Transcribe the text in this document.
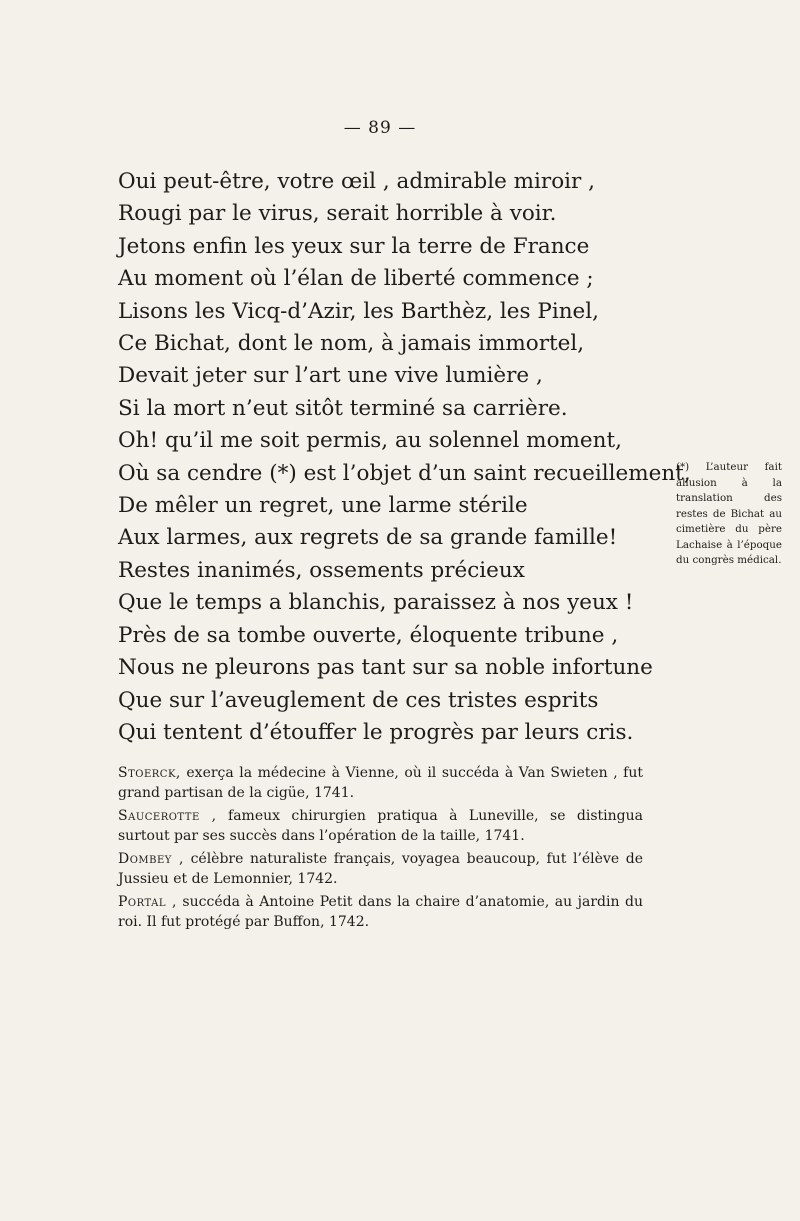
— 89 —
Oui peut-être, votre œil , admirable miroir ,
Rougi par le virus, serait horrible à voir.
Jetons enfin les yeux sur la terre de France
Au moment où l’élan de liberté commence ;
Lisons les Vicq-d’Azir, les Barthèz, les Pinel,
Ce Bichat, dont le nom, à jamais immortel,
Devait jeter sur l’art une vive lumière ,
Si la mort n’eut sitôt terminé sa carrière.
Oh! qu’il me soit permis, au solennel moment,
Où sa cendre (*) est l’objet d’un saint recueillement,
De mêler un regret, une larme stérile
Aux larmes, aux regrets de sa grande famille!
Restes inanimés, ossements précieux
Que le temps a blanchis, paraissez à nos yeux !
Près de sa tombe ouverte, éloquente tribune ,
Nous ne pleurons pas tant sur sa noble infortune
Que sur l’aveuglement de ces tristes esprits
Qui tentent d’étouffer le progrès par leurs cris.
(*) L’auteur fait allusion à la translation des restes de Bichat au cimetière du père Lachaise à l’époque du congrès médical.
Stoerck, exerça la médecine à Vienne, où il succéda à Van Swieten , fut grand partisan de la cigüe, 1741.
Saucerotte , fameux chirurgien pratiqua à Luneville, se distingua surtout par ses succès dans l’opération de la taille, 1741.
Dombey , célèbre naturaliste français, voyagea beaucoup, fut l’élève de Jussieu et de Lemonnier, 1742.
Portal , succéda à Antoine Petit dans la chaire d’anatomie, au jardin du roi. Il fut protégé par Buffon, 1742.
